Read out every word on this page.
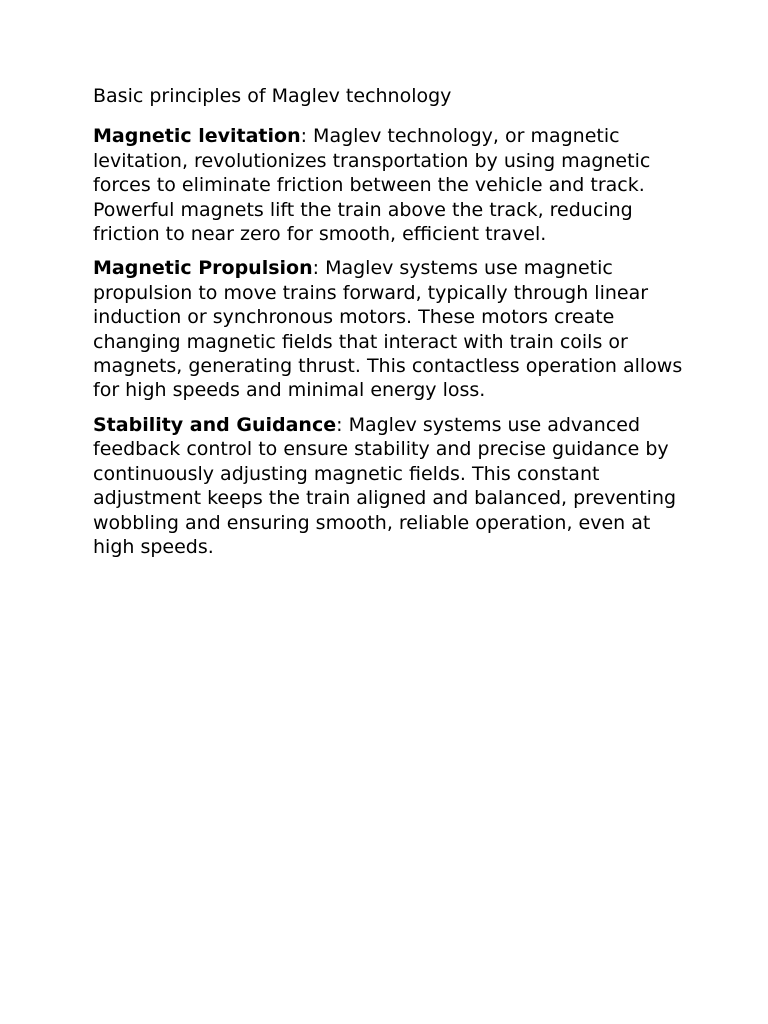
Basic principles of Maglev technology

Magnetic levitation: Maglev technology, or magnetic levitation, revolutionizes transportation by using magnetic forces to eliminate friction between the vehicle and track. Powerful magnets lift the train above the track, reducing friction to near zero for smooth, efficient travel.

Magnetic Propulsion: Maglev systems use magnetic propulsion to move trains forward, typically through linear induction or synchronous motors. These motors create changing magnetic fields that interact with train coils or magnets, generating thrust. This contactless operation allows for high speeds and minimal energy loss.

Stability and Guidance: Maglev systems use advanced feedback control to ensure stability and precise guidance by continuously adjusting magnetic fields. This constant adjustment keeps the train aligned and balanced, preventing wobbling and ensuring smooth, reliable operation, even at high speeds.
